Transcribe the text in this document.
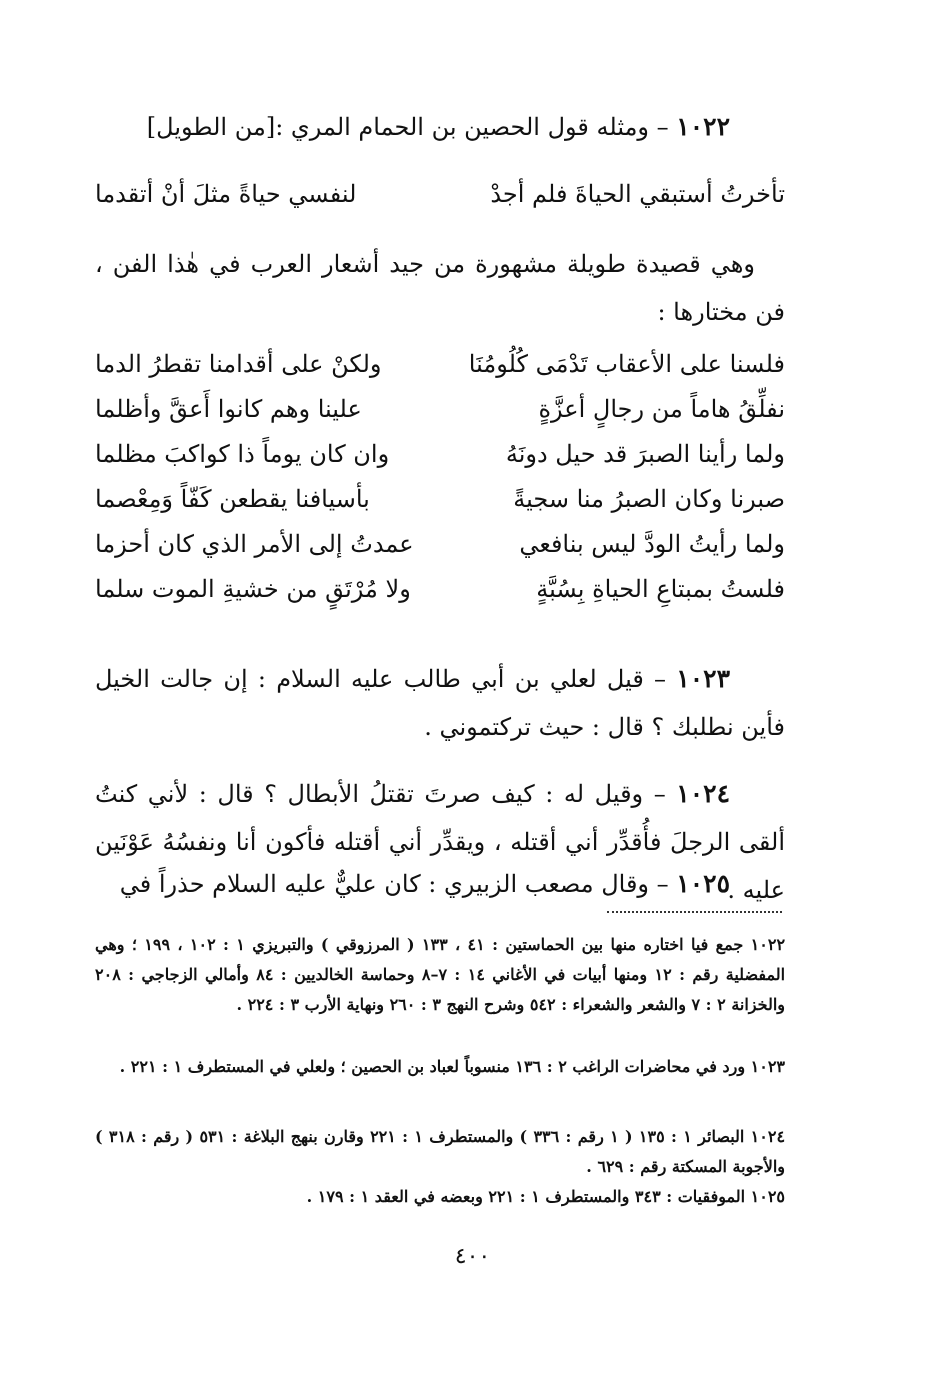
١٠٢٢ – ومثله قول الحصين بن الحمام المري :[من الطويل]
تأخرتُ أستبقي الحياةَ فلم أجدْ
لنفسي حياةً مثلَ أنْ أتقدما
وهي قصيدة طويلة مشهورة من جيد أشعار العرب في هٰذا الفن ، فن مختارها :
فلسنا على الأعقاب تَدْمَى كُلُومُنَا
ولكنْ على أقدامنا تقطرُ الدما
نفلِّقُ هاماً من رجالٍ أعزَّةٍ
علينا وهم كانوا أَعقَّ وأظلما
ولما رأينا الصبرَ قد حيل دونَهُ
وان كان يوماً ذا كواكبَ مظلما
صبرنا وكان الصبرُ منا سجيةً
بأسيافنا يقطعن كَفّاً وَمِعْصما
ولما رأيتُ الودَّ ليس بنافعي
عمدتُ إلى الأمر الذي كان أحزما
فلستُ بمبتاعِ الحياةِ بِسُبَّةٍ
ولا مُرْتَقٍ من خشيةِ الموت سلما
١٠٢٣ – قيل لعلي بن أبي طالب عليه السلام : إن جالت الخيل فأين نطلبك ؟ قال : حيث تركتموني .
١٠٢٤ – وقيل له : كيف صرتَ تقتلُ الأبطال ؟ قال : لأني كنتُ ألقى الرجلَ فأُقدِّر أني أقتله ، ويقدِّر أني أقتله فأكون أنا ونفسُهُ عَوْنَين عليه .
١٠٢٥ – وقال مصعب الزبيري : كان عليٌّ عليه السلام حذراً في
١٠٢٢ جمع فيا اختاره منها بين الحماستين : ٤١ ، ١٣٣ ( المرزوقي ) والتبريزي ١ : ١٠٢ ، ١٩٩ ؛ وهي المفضلية رقم : ١٢ ومنها أبيات في الأغاني ١٤ : ٧–٨ وحماسة الخالديين : ٨٤ وأمالي الزجاجي : ٢٠٨ والخزانة ٢ : ٧ والشعر والشعراء : ٥٤٢ وشرح النهج ٣ : ٢٦٠ ونهاية الأرب ٣ : ٢٢٤ .
١٠٢٣ ورد في محاضرات الراغب ٢ : ١٣٦ منسوباً لعباد بن الحصين ؛ ولعلي في المستطرف ١ : ٢٢١ .
١٠٢٤ البصائر ١ : ١٣٥ ( ١ رقم : ٣٣٦ ) والمستطرف ١ : ٢٢١ وقارن بنهج البلاغة : ٥٣١ ( رقم : ٣١٨ ) والأجوبة المسكتة رقم : ٦٢٩ .
١٠٢٥ الموفقيات : ٣٤٣ والمستطرف ١ : ٢٢١ وبعضه في العقد ١ : ١٧٩ .
٤٠٠
